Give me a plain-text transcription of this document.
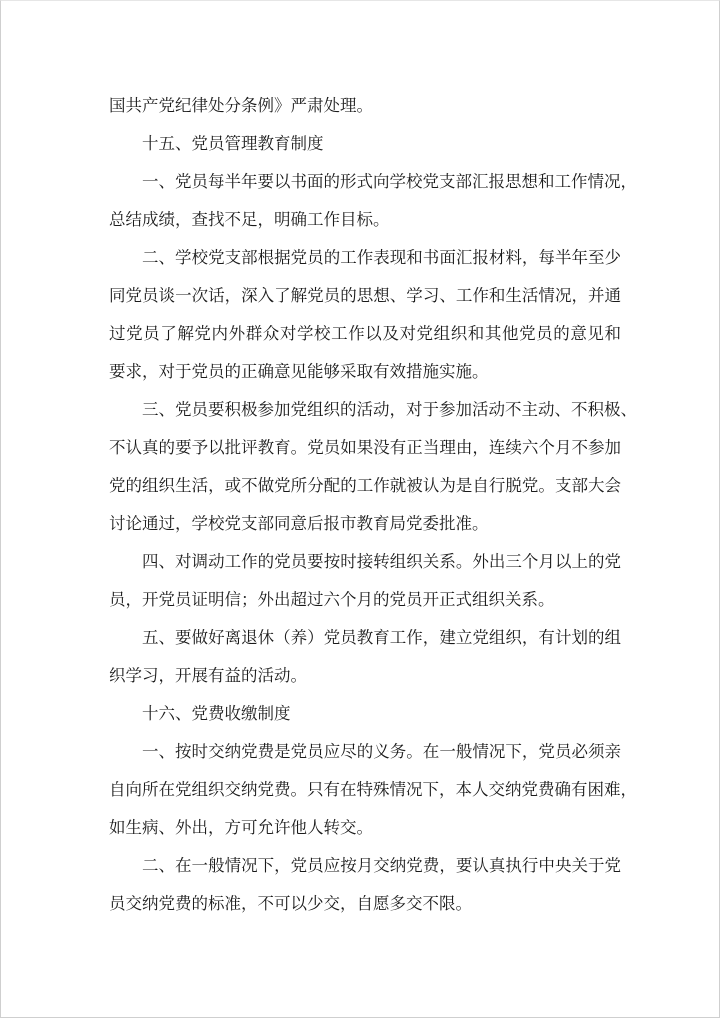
国共产党纪律处分条例》严肃处理。
十五、党员管理教育制度
一、党员每半年要以书面的形式向学校党支部汇报思想和工作情况，
总结成绩，查找不足，明确工作目标。
二、学校党支部根据党员的工作表现和书面汇报材料，每半年至少
同党员谈一次话，深入了解党员的思想、学习、工作和生活情况，并通
过党员了解党内外群众对学校工作以及对党组织和其他党员的意见和
要求，对于党员的正确意见能够采取有效措施实施。
三、党员要积极参加党组织的活动，对于参加活动不主动、不积极、
不认真的要予以批评教育。党员如果没有正当理由，连续六个月不参加
党的组织生活，或不做党所分配的工作就被认为是自行脱党。支部大会
讨论通过，学校党支部同意后报市教育局党委批准。
四、对调动工作的党员要按时接转组织关系。外出三个月以上的党
员，开党员证明信；外出超过六个月的党员开正式组织关系。
五、要做好离退休（养）党员教育工作，建立党组织，有计划的组
织学习，开展有益的活动。
十六、党费收缴制度
一、按时交纳党费是党员应尽的义务。在一般情况下，党员必须亲
自向所在党组织交纳党费。只有在特殊情况下，本人交纳党费确有困难，
如生病、外出，方可允许他人转交。
二、在一般情况下，党员应按月交纳党费，要认真执行中央关于党
员交纳党费的标准，不可以少交，自愿多交不限。
